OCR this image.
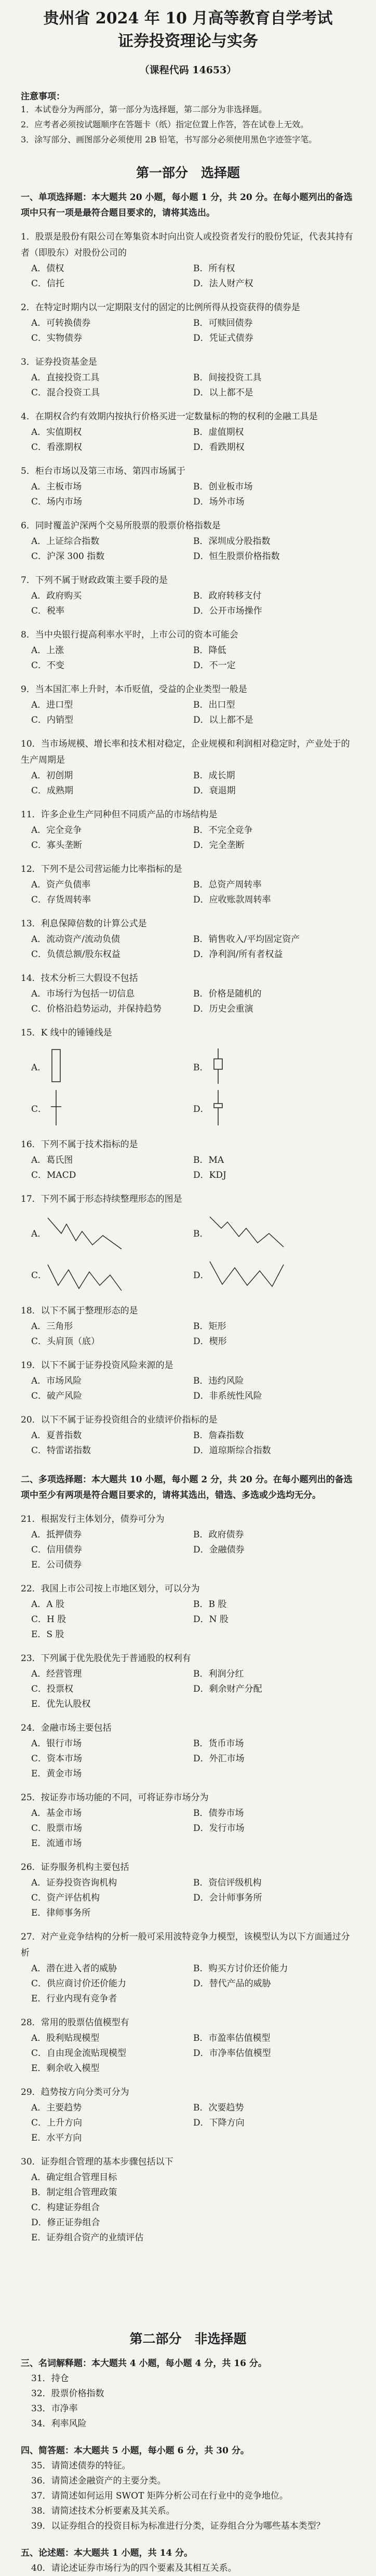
贵州省 2024 年 10 月高等教育自学考试
证券投资理论与实务
（课程代码 14653）
注意事项：
1．本试卷分为两部分，第一部分为选择题，第二部分为非选择题。
2．应考者必须按试题顺序在答题卡（纸）指定位置上作答，答在试卷上无效。
3．涂写部分、画图部分必须使用 2B 铅笔，书写部分必须使用黑色字迹签字笔。
第一部分　选择题
一、单项选择题：本大题共 20 小题，每小题 1 分，共 20 分。在每小题列出的备选项中只有一项是最符合题目要求的，请将其选出。
1．股票是股份有限公司在筹集资本时向出资人或投资者发行的股份凭证，代表其持有者（即股东）对股份公司的
A．债权	B．所有权
C．信托	D．法人财产权
2．在特定时期内以一定期限支付的固定的比例所得从投资获得的债券是
A．可转换债券	B．可赎回债券
C．实物债券	D．凭证式债券
3．证券投资基金是
A．直接投资工具	B．间接投资工具
C．混合投资工具	D．以上都不是
4．在期权合约有效期内按执行价格买进一定数量标的物的权利的金融工具是
A．实值期权	B．虚值期权
C．看涨期权	D．看跌期权
5．柜台市场以及第三市场、第四市场属于
A．主板市场	B．创业板市场
C．场内市场	D．场外市场
6．同时覆盖沪深两个交易所股票的股票价格指数是
A．上证综合指数	B．深圳成分股指数
C．沪深 300 指数	D．恒生股票价格指数
7．下列不属于财政政策主要手段的是
A．政府购买	B．政府转移支付
C．税率	D．公开市场操作
8．当中央银行提高利率水平时，上市公司的资本可能会
A．上涨	B．降低
C．不变	D．不一定
9．当本国汇率上升时，本币贬值，受益的企业类型一般是
A．进口型	B．出口型
C．内销型	D．以上都不是
10．当市场规模、增长率和技术相对稳定，企业规模和利润相对稳定时，产业处于的生产周期是
A．初创期	B．成长期
C．成熟期	D．衰退期
11．许多企业生产同种但不同质产品的市场结构是
A．完全竞争	B．不完全竞争
C．寡头垄断	D．完全垄断
12．下列不是公司营运能力比率指标的是
A．资产负债率	B．总资产周转率
C．存货周转率	D．应收账款周转率
13．利息保障倍数的计算公式是
A．流动资产/流动负债	B．销售收入/平均固定资产
C．负债总额/股东权益	D．净利润/所有者权益
14．技术分析三大假设不包括
A．市场行为包括一切信息	B．价格是随机的
C．价格沿趋势运动，并保持趋势	D．历史会重演
15．K 线中的锤锤线是
A．	B．
C．	D．
16．下列不属于技术指标的是
A．葛氏图	B．MA
C．MACD	D．KDJ
17．下列不属于形态持续整理形态的图是
A．	B．
C．	D．
18．以下不属于整理形态的是
A．三角形	B．矩形
C．头肩顶（底）	D．楔形
19．以下不属于证券投资风险来源的是
A．市场风险	B．违约风险
C．破产风险	D．非系统性风险
20．以下不属于证券投资组合的业绩评价指标的是
A．夏普指数	B．詹森指数
C．特雷诺指数	D．道琼斯综合指数
二、多项选择题：本大题共 10 小题，每小题 2 分，共 20 分。在每小题列出的备选项中至少有两项是符合题目要求的，请将其选出，错选、多选或少选均无分。
21．根据发行主体划分，债券可分为
A．抵押债券	B．政府债券
C．信用债券	D．金融债券
E．公司债券
22．我国上市公司按上市地区划分，可以分为
A．A 股	B．B 股
C．H 股	D．N 股
E．S 股
23．下列属于优先股优先于普通股的权利有
A．经营管理	B．利润分红
C．投票权	D．剩余财产分配
E．优先认股权
24．金融市场主要包括
A．银行市场	B．货币市场
C．资本市场	D．外汇市场
E．黄金市场
25．按证券市场功能的不同，可将证券市场分为
A．基金市场	B．债券市场
C．股票市场	D．发行市场
E．流通市场
26．证券服务机构主要包括
A．证券投资咨询机构	B．资信评级机构
C．资产评估机构	D．会计师事务所
E．律师事务所
27．对产业竞争结构的分析一般可采用波特竞争力模型，该模型认为以下方面通过分析
A．潜在进入者的威胁	B．购买方讨价还价能力
C．供应商讨价还价能力	D．替代产品的威胁
E．行业内现有竞争者
28．常用的股票估值模型有
A．股利贴现模型	B．市盈率估值模型
C．自由现金流贴现模型	D．市净率估值模型
E．剩余收入模型
29．趋势按方向分类可分为
A．主要趋势	B．次要趋势
C．上升方向	D．下降方向
E．水平方向
30．证券组合管理的基本步骤包括以下
A．确定组合管理目标
B．制定组合管理政策
C．构建证券组合
D．修正证券组合
E．证券组合资产的业绩评估
第二部分　非选择题
三、名词解释题：本大题共 4 小题，每小题 4 分，共 16 分。
31．持仓
32．股票价格指数
33．市净率
34．利率风险
四、简答题：本大题共 5 小题，每小题 6 分，共 30 分。
35．请简述债券的特征。
36．请简述金融资产的主要分类。
37．请简述如何运用 SWOT 矩阵分析公司在行业中的竞争地位。
38．请简述技术分析要素及其关系。
39．以证券组合的投资目标为标准进行分类，证券组合分为哪些基本类型？
五、论述题：本大题共 1 小题，共 14 分。
40．请论述证券市场行为的四个要素及其相互关系。
